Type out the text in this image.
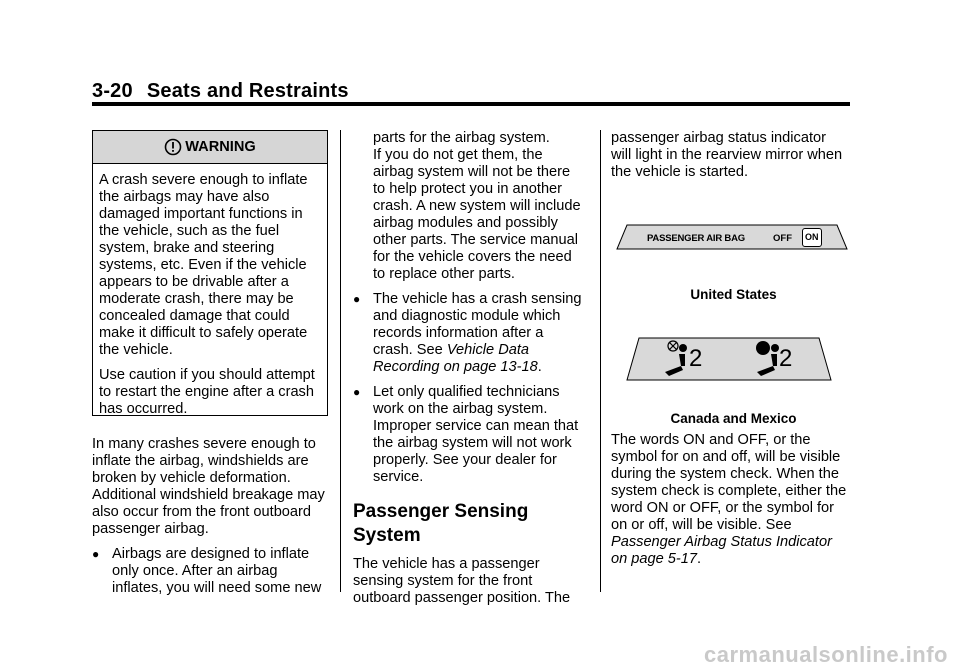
3-20 Seats and Restraints
WARNING
A crash severe enough to inflate
the airbags may have also
damaged important functions in
the vehicle, such as the fuel
system, brake and steering
systems, etc. Even if the vehicle
appears to be drivable after a
moderate crash, there may be
concealed damage that could
make it difficult to safely operate
the vehicle.
Use caution if you should attempt
to restart the engine after a crash
has occurred.
In many crashes severe enough to
inflate the airbag, windshields are
broken by vehicle deformation.
Additional windshield breakage may
also occur from the front outboard
passenger airbag.
● Airbags are designed to inflate
only once. After an airbag
inflates, you will need some new
parts for the airbag system.
If you do not get them, the
airbag system will not be there
to help protect you in another
crash. A new system will include
airbag modules and possibly
other parts. The service manual
for the vehicle covers the need
to replace other parts.
● The vehicle has a crash sensing
and diagnostic module which
records information after a
crash. See Vehicle Data
Recording on page 13-18.
● Let only qualified technicians
work on the airbag system.
Improper service can mean that
the airbag system will not work
properly. See your dealer for
service.
Passenger Sensing
System
The vehicle has a passenger
sensing system for the front
outboard passenger position. The
passenger airbag status indicator
will light in the rearview mirror when
the vehicle is started.
PASSENGER AIR BAG	OFF	ON
United States
2	2
Canada and Mexico
The words ON and OFF, or the
symbol for on and off, will be visible
during the system check. When the
system check is complete, either the
word ON or OFF, or the symbol for
on or off, will be visible. See
Passenger Airbag Status Indicator
on page 5-17.
carmanualsonline.info
